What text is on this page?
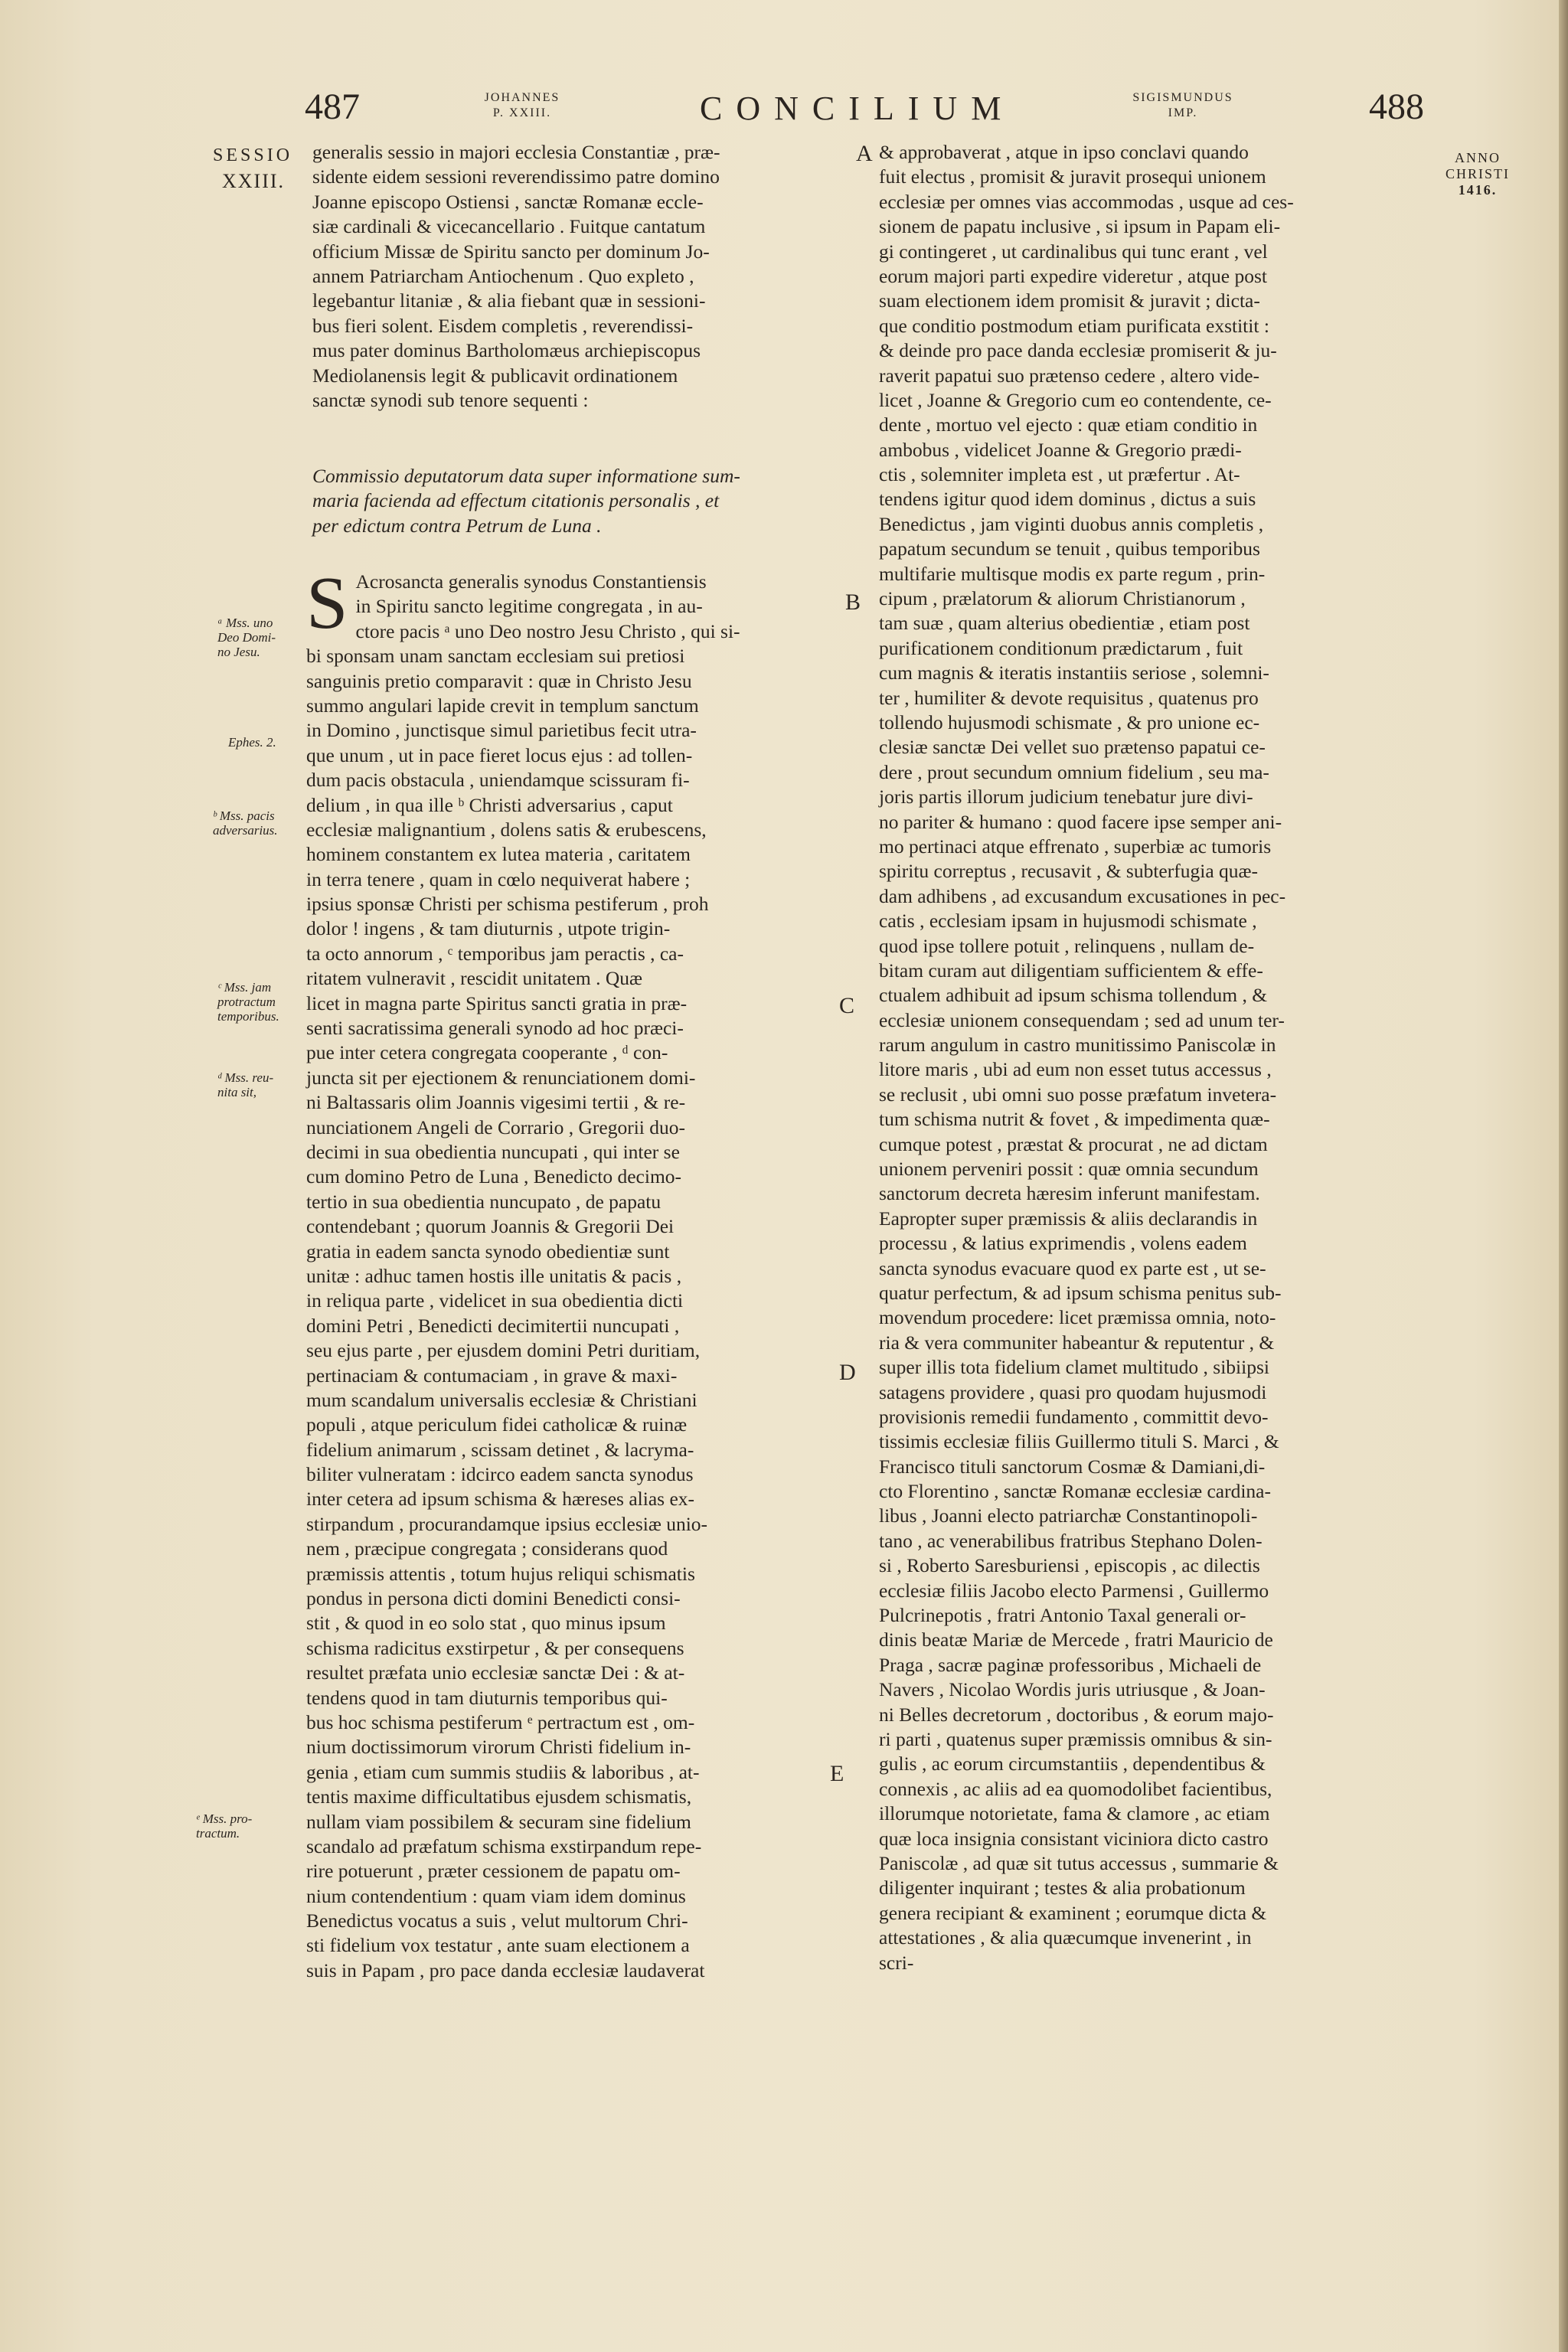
487	JOHANNES
P. XXIII.	CONCILIUM	SIGISMUNDUS
IMP.	488
SESSIO
XXIII.
ANNO
CHRISTI
1416.
A
B
C
D
E
ᵃ Mss. uno
Deo Domi-
no Jesu.
Ephes. 2.
ᵇ Mss. pacis
adversarius.
ᶜ Mss. jam
protractum
temporibus.
ᵈ Mss. reu-
nita sit,
ᵉ Mss. pro-
tractum.
generalis sessio in majori ecclesia Constantiæ , præ-
sidente eidem sessioni reverendissimo patre domino
Joanne episcopo Ostiensi , sanctæ Romanæ eccle-
siæ cardinali & vicecancellario . Fuitque cantatum
officium Missæ de Spiritu sancto per dominum Jo-
annem Patriarcham Antiochenum . Quo expleto ,
legebantur litaniæ , & alia fiebant quæ in sessioni-
bus fieri solent. Eisdem completis , reverendissi-
mus pater dominus Bartholomæus archiepiscopus
Mediolanensis legit & publicavit ordinationem
sanctæ synodi sub tenore sequenti :
Commissio deputatorum data super informatione sum-
maria facienda ad effectum citationis personalis , et
per edictum contra Petrum de Luna .
S Acrosancta generalis synodus Constantiensis
in Spiritu sancto legitime congregata , in au-
ctore pacis ᵃ uno Deo nostro Jesu Christo , qui si-
bi sponsam unam sanctam ecclesiam sui pretiosi
sanguinis pretio comparavit : quæ in Christo Jesu
summo angulari lapide crevit in templum sanctum
in Domino , junctisque simul parietibus fecit utra-
que unum , ut in pace fieret locus ejus : ad tollen-
dum pacis obstacula , uniendamque scissuram fi-
delium , in qua ille ᵇ Christi adversarius , caput
ecclesiæ malignantium , dolens satis & erubescens,
hominem constantem ex lutea materia , caritatem
in terra tenere , quam in cœlo nequiverat habere ;
ipsius sponsæ Christi per schisma pestiferum , proh
dolor ! ingens , & tam diuturnis , utpote trigin-
ta octo annorum , ᶜ temporibus jam peractis , ca-
ritatem vulneravit , rescidit unitatem . Quæ
licet in magna parte Spiritus sancti gratia in præ-
senti sacratissima generali synodo ad hoc præci-
pue inter cetera congregata cooperante , ᵈ con-
juncta sit per ejectionem & renunciationem domi-
ni Baltassaris olim Joannis vigesimi tertii , & re-
nunciationem Angeli de Corrario , Gregorii duo-
decimi in sua obedientia nuncupati , qui inter se
cum domino Petro de Luna , Benedicto decimo-
tertio in sua obedientia nuncupato , de papatu
contendebant ; quorum Joannis & Gregorii Dei
gratia in eadem sancta synodo obedientiæ sunt
unitæ : adhuc tamen hostis ille unitatis & pacis ,
in reliqua parte , videlicet in sua obedientia dicti
domini Petri , Benedicti decimitertii nuncupati ,
seu ejus parte , per ejusdem domini Petri duritiam,
pertinaciam & contumaciam , in grave & maxi-
mum scandalum universalis ecclesiæ & Christiani
populi , atque periculum fidei catholicæ & ruinæ
fidelium animarum , scissam detinet , & lacryma-
biliter vulneratam : idcirco eadem sancta synodus
inter cetera ad ipsum schisma & hæreses alias ex-
stirpandum , procurandamque ipsius ecclesiæ unio-
nem , præcipue congregata ; considerans quod
præmissis attentis , totum hujus reliqui schismatis
pondus in persona dicti domini Benedicti consi-
stit , & quod in eo solo stat , quo minus ipsum
schisma radicitus exstirpetur , & per consequens
resultet præfata unio ecclesiæ sanctæ Dei : & at-
tendens quod in tam diuturnis temporibus qui-
bus hoc schisma pestiferum ᵉ pertractum est , om-
nium doctissimorum virorum Christi fidelium in-
genia , etiam cum summis studiis & laboribus , at-
tentis maxime difficultatibus ejusdem schismatis,
nullam viam possibilem & securam sine fidelium
scandalo ad præfatum schisma exstirpandum repe-
rire potuerunt , præter cessionem de papatu om-
nium contendentium : quam viam idem dominus
Benedictus vocatus a suis , velut multorum Chri-
sti fidelium vox testatur , ante suam electionem a
suis in Papam , pro pace danda ecclesiæ laudaverat
& approbaverat , atque in ipso conclavi quando
fuit electus , promisit & juravit prosequi unionem
ecclesiæ per omnes vias accommodas , usque ad ces-
sionem de papatu inclusive , si ipsum in Papam eli-
gi contingeret , ut cardinalibus qui tunc erant , vel
eorum majori parti expedire videretur , atque post
suam electionem idem promisit & juravit ; dicta-
que conditio postmodum etiam purificata exstitit :
& deinde pro pace danda ecclesiæ promiserit & ju-
raverit papatui suo prætenso cedere , altero vide-
licet , Joanne & Gregorio cum eo contendente, ce-
dente , mortuo vel ejecto : quæ etiam conditio in
ambobus , videlicet Joanne & Gregorio prædi-
ctis , solemniter impleta est , ut præfertur . At-
tendens igitur quod idem dominus , dictus a suis
Benedictus , jam viginti duobus annis completis ,
papatum secundum se tenuit , quibus temporibus
multifarie multisque modis ex parte regum , prin-
cipum , prælatorum & aliorum Christianorum ,
tam suæ , quam alterius obedientiæ , etiam post
purificationem conditionum prædictarum , fuit
cum magnis & iteratis instantiis seriose , solemni-
ter , humiliter & devote requisitus , quatenus pro
tollendo hujusmodi schismate , & pro unione ec-
clesiæ sanctæ Dei vellet suo prætenso papatui ce-
dere , prout secundum omnium fidelium , seu ma-
joris partis illorum judicium tenebatur jure divi-
no pariter & humano : quod facere ipse semper ani-
mo pertinaci atque effrenato , superbiæ ac tumoris
spiritu correptus , recusavit , & subterfugia quæ-
dam adhibens , ad excusandum excusationes in pec-
catis , ecclesiam ipsam in hujusmodi schismate ,
quod ipse tollere potuit , relinquens , nullam de-
bitam curam aut diligentiam sufficientem & effe-
ctualem adhibuit ad ipsum schisma tollendum , &
ecclesiæ unionem consequendam ; sed ad unum ter-
rarum angulum in castro munitissimo Paniscolæ in
litore maris , ubi ad eum non esset tutus accessus ,
se reclusit , ubi omni suo posse præfatum invetera-
tum schisma nutrit & fovet , & impedimenta quæ-
cumque potest , præstat & procurat , ne ad dictam
unionem perveniri possit : quæ omnia secundum
sanctorum decreta hæresim inferunt manifestam.
Eapropter super præmissis & aliis declarandis in
processu , & latius exprimendis , volens eadem
sancta synodus evacuare quod ex parte est , ut se-
quatur perfectum, & ad ipsum schisma penitus sub-
movendum procedere: licet præmissa omnia, noto-
ria & vera communiter habeantur & reputentur , &
super illis tota fidelium clamet multitudo , sibiipsi
satagens providere , quasi pro quodam hujusmodi
provisionis remedii fundamento , committit devo-
tissimis ecclesiæ filiis Guillermo tituli S. Marci , &
Francisco tituli sanctorum Cosmæ & Damiani,di-
cto Florentino , sanctæ Romanæ ecclesiæ cardina-
libus , Joanni electo patriarchæ Constantinopoli-
tano , ac venerabilibus fratribus Stephano Dolen-
si , Roberto Saresburiensi , episcopis , ac dilectis
ecclesiæ filiis Jacobo electo Parmensi , Guillermo
Pulcrinepotis , fratri Antonio Taxal generali or-
dinis beatæ Mariæ de Mercede , fratri Mauricio de
Praga , sacræ paginæ professoribus , Michaeli de
Navers , Nicolao Wordis juris utriusque , & Joan-
ni Belles decretorum , doctoribus , & eorum majo-
ri parti , quatenus super præmissis omnibus & sin-
gulis , ac eorum circumstantiis , dependentibus &
connexis , ac aliis ad ea quomodolibet facientibus,
illorumque notorietate, fama & clamore , ac etiam
quæ loca insignia consistant viciniora dicto castro
Paniscolæ , ad quæ sit tutus accessus , summarie &
diligenter inquirant ; testes & alia probationum
genera recipiant & examinent ; eorumque dicta &
attestationes , & alia quæcumque invenerint , in
scri-
